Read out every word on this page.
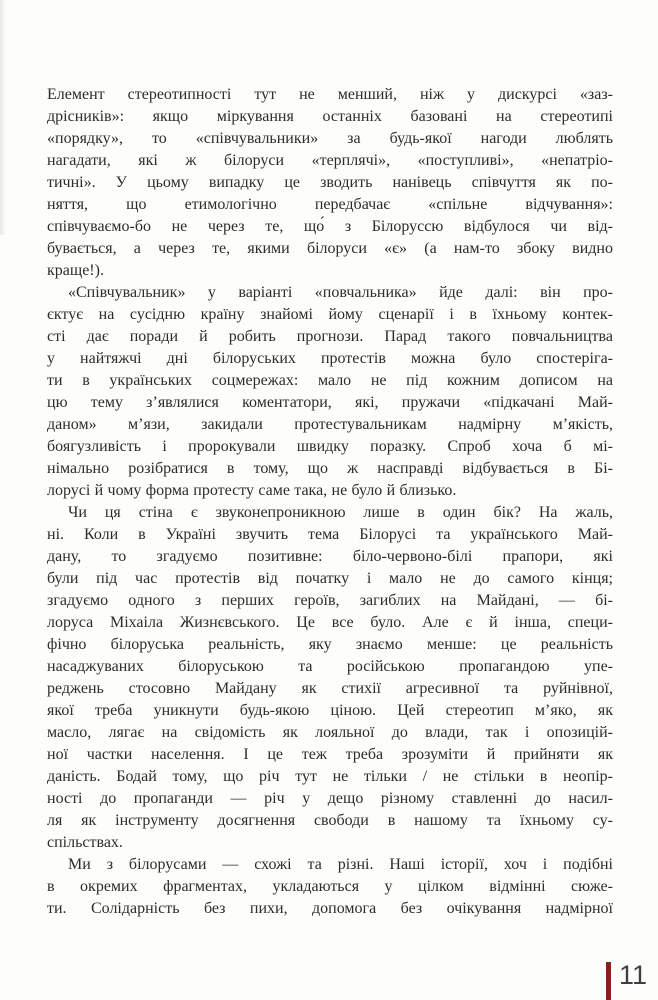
Елемент стереотипності тут не менший, ніж у дискурсі «заз-
дрісників»: якщо міркування останніх базовані на стереотипі
«порядку», то «співчувальники» за будь-якої нагоди люблять
нагадати, які ж білоруси «терплячі», «поступливі», «непатріо-
тичні». У цьому випадку це зводить нанівець співчуття як по-
няття, що етимологічно передбачає «спільне відчування»:
співчуваємо-бо не через те, що́ з Білоруссю відбулося чи від-
бувається, а через те, якими білоруси «є» (а нам-то збоку видно
краще!).
«Співчувальник» у варіанті «повчальника» йде далі: він про-
єктує на сусідню країну знайомі йому сценарії і в їхньому контек-
сті дає поради й робить прогнози. Парад такого повчальництва
у найтяжчі дні білоруських протестів можна було спостеріга-
ти в українських соцмережах: мало не під кожним дописом на
цю тему з’являлися коментатори, які, пружачи «підкачані Май-
даном» м’язи, закидали протестувальникам надмірну м’якість,
боягузливість і пророкували швидку поразку. Спроб хоча б мі-
німально розібратися в тому, що ж насправді відбувається в Бі-
лорусі й чому форма протесту саме така, не було й близько.
Чи ця стіна є звуконепроникною лише в один бік? На жаль,
ні. Коли в Україні звучить тема Білорусі та українського Май-
дану, то згадуємо позитивне: біло-червоно-білі прапори, які
були під час протестів від початку і мало не до самого кінця;
згадуємо одного з перших героїв, загиблих на Майдані, — бі-
лоруса Міхаіла Жизнєвського. Це все було. Але є й інша, специ-
фічно білоруська реальність, яку знаємо менше: це реальність
насаджуваних білоруською та російською пропагандою упе-
реджень стосовно Майдану як стихії агресивної та руйнівної,
якої треба уникнути будь-якою ціною. Цей стереотип м’яко, як
масло, лягає на свідомість як лояльної до влади, так і опозицій-
ної частки населення. І це теж треба зрозуміти й прийняти як
даність. Бодай тому, що річ тут не тільки / не стільки в неопір-
ності до пропаганди — річ у дещо різному ставленні до насил-
ля як інструменту досягнення свободи в нашому та їхньому су-
спільствах.
Ми з білорусами — схожі та різні. Наші історії, хоч і подібні
в окремих фрагментах, укладаються у цілком відмінні сюже-
ти. Солідарність без пихи, допомога без очікування надмірної
11
